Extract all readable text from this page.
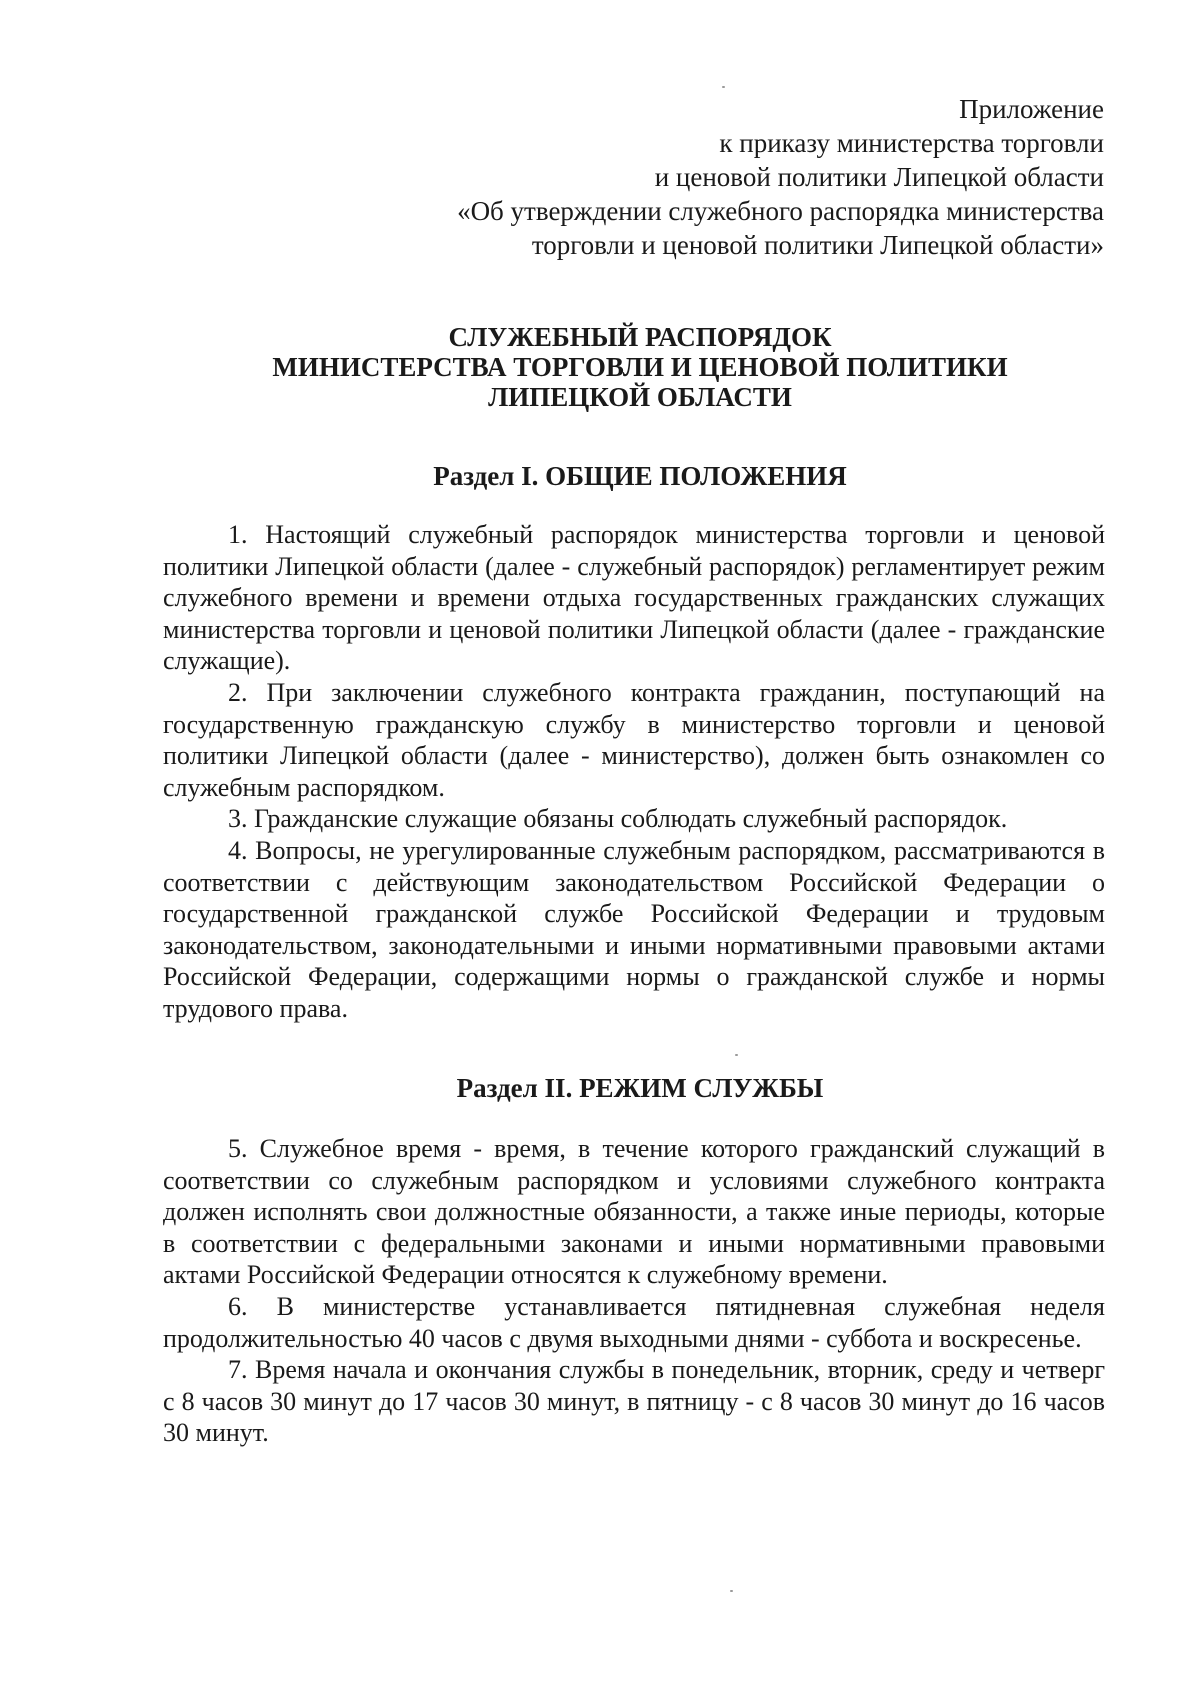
Приложение
к приказу министерства торговли
и ценовой политики Липецкой области
«Об утверждении служебного распорядка министерства
торговли и ценовой политики Липецкой области»
СЛУЖЕБНЫЙ РАСПОРЯДОК
МИНИСТЕРСТВА ТОРГОВЛИ И ЦЕНОВОЙ ПОЛИТИКИ
ЛИПЕЦКОЙ ОБЛАСТИ
Раздел I. ОБЩИЕ ПОЛОЖЕНИЯ

1. Настоящий служебный распорядок министерства торговли и ценовой политики Липецкой области (далее - служебный распорядок) регламентирует режим служебного времени и времени отдыха государственных гражданских служащих министерства торговли и ценовой политики Липецкой области (далее - гражданские служащие).

2. При заключении служебного контракта гражданин, поступающий на государственную гражданскую службу в министерство торговли и ценовой политики Липецкой области (далее - министерство), должен быть ознакомлен со служебным распорядком.

3. Гражданские служащие обязаны соблюдать служебный распорядок.

4. Вопросы, не урегулированные служебным распорядком, рассматриваются в соответствии с действующим законодательством Российской Федерации о государственной гражданской службе Российской Федерации и трудовым законодательством, законодательными и иными нормативными правовыми актами Российской Федерации, содержащими нормы о гражданской службе и нормы трудового права.

Раздел II. РЕЖИМ СЛУЖБЫ

5. Служебное время - время, в течение которого гражданский служащий в соответствии со служебным распорядком и условиями служебного контракта должен исполнять свои должностные обязанности, а также иные периоды, которые в соответствии с федеральными законами и иными нормативными правовыми актами Российской Федерации относятся к служебному времени.

6. В министерстве устанавливается пятидневная служебная неделя продолжительностью 40 часов с двумя выходными днями - суббота и воскресенье.

7. Время начала и окончания службы в понедельник, вторник, среду и четверг с 8 часов 30 минут до 17 часов 30 минут, в пятницу - с 8 часов 30 минут до 16 часов 30 минут.
